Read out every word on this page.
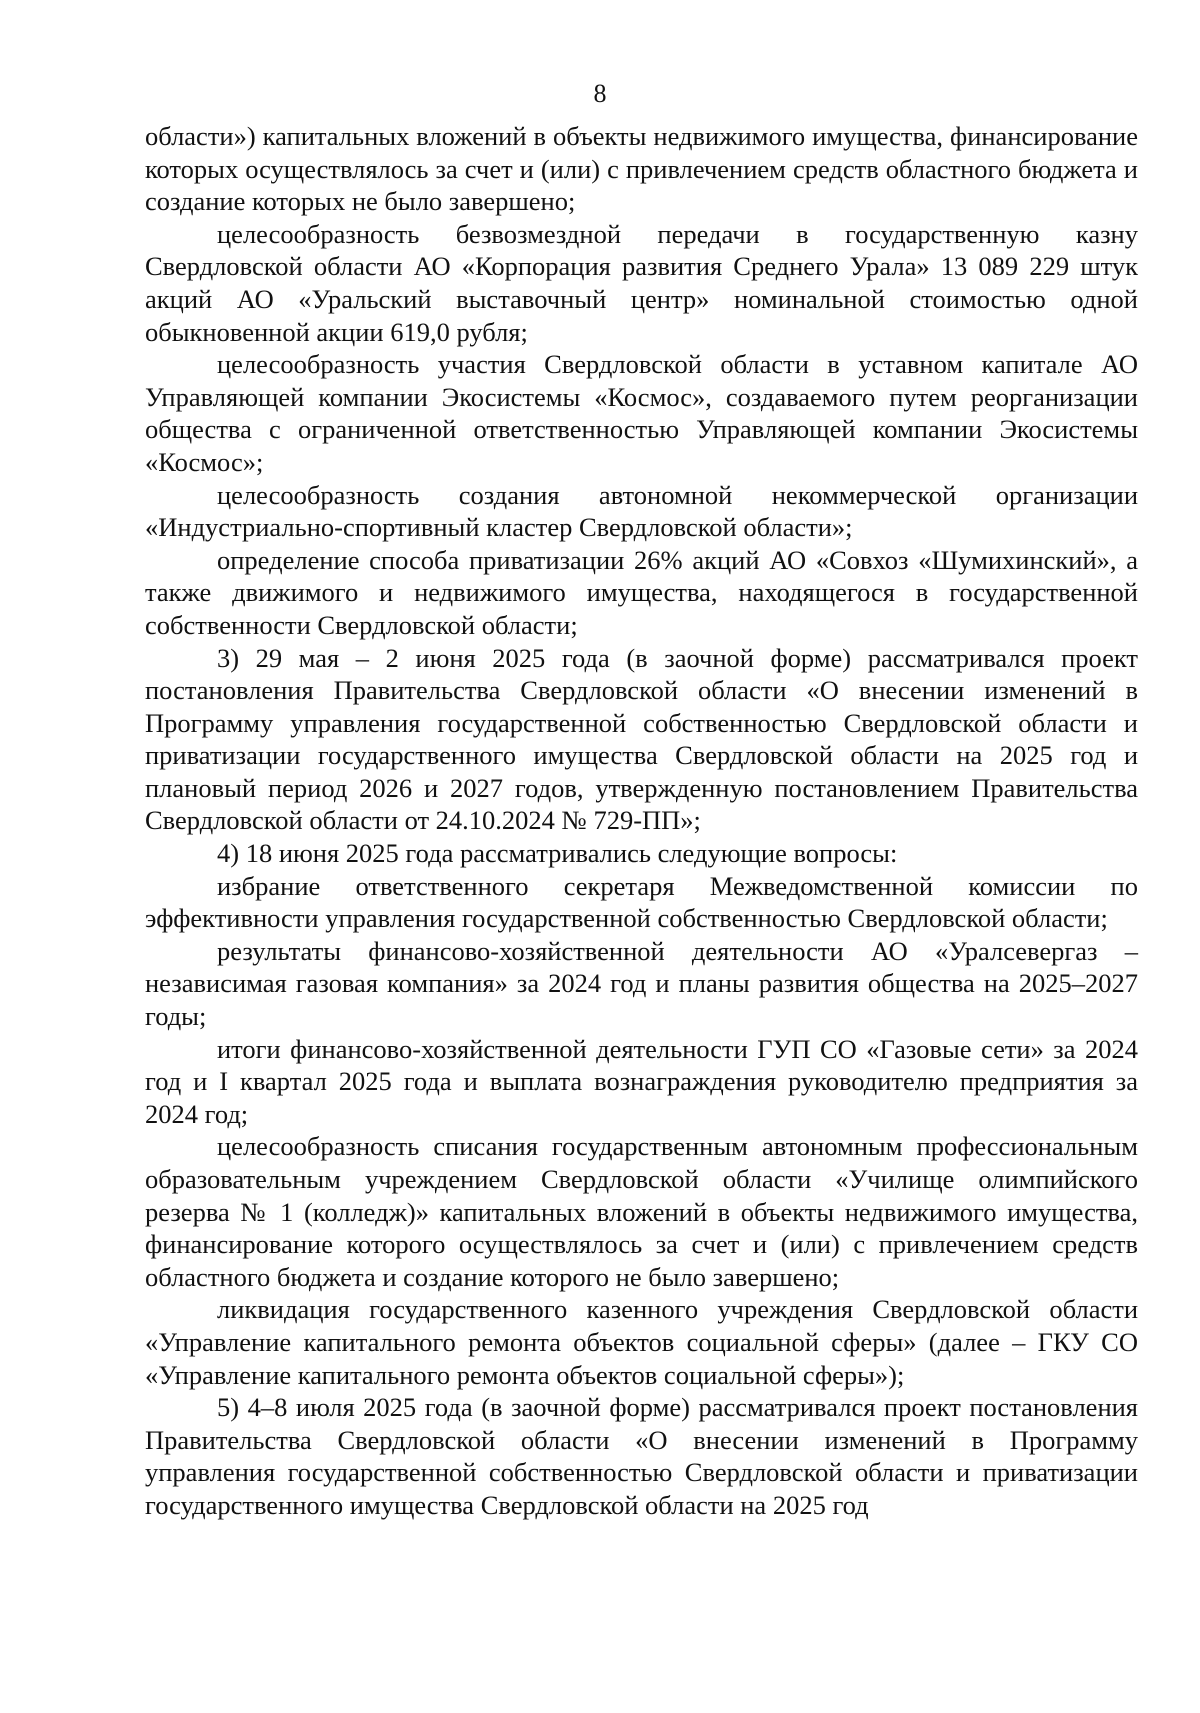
8

области») капитальных вложений в объекты недвижимого имущества, финансирование которых осуществлялось за счет и (или) с привлечением средств областного бюджета и создание которых не было завершено;

целесообразность безвозмездной передачи в государственную казну Свердловской области АО «Корпорация развития Среднего Урала» 13 089 229 штук акций АО «Уральский выставочный центр» номинальной стоимостью одной обыкновенной акции 619,0 рубля;

целесообразность участия Свердловской области в уставном капитале АО Управляющей компании Экосистемы «Космос», создаваемого путем реорганизации общества с ограниченной ответственностью Управляющей компании Экосистемы «Космос»;

целесообразность создания автономной некоммерческой организации «Индустриально-спортивный кластер Свердловской области»;

определение способа приватизации 26% акций АО «Совхоз «Шумихинский», а также движимого и недвижимого имущества, находящегося в государственной собственности Свердловской области;

3) 29 мая – 2 июня 2025 года (в заочной форме) рассматривался проект постановления Правительства Свердловской области «О внесении изменений в Программу управления государственной собственностью Свердловской области и приватизации государственного имущества Свердловской области на 2025 год и плановый период 2026 и 2027 годов, утвержденную постановлением Правительства Свердловской области от 24.10.2024 № 729-ПП»;

4) 18 июня 2025 года рассматривались следующие вопросы:

избрание ответственного секретаря Межведомственной комиссии по эффективности управления государственной собственностью Свердловской области;

результаты финансово-хозяйственной деятельности АО «Уралсевергаз – независимая газовая компания» за 2024 год и планы развития общества на 2025–2027 годы;

итоги финансово-хозяйственной деятельности ГУП СО «Газовые сети» за 2024 год и I квартал 2025 года и выплата вознаграждения руководителю предприятия за 2024 год;

целесообразность списания государственным автономным профессиональным образовательным учреждением Свердловской области «Училище олимпийского резерва № 1 (колледж)» капитальных вложений в объекты недвижимого имущества, финансирование которого осуществлялось за счет и (или) с привлечением средств областного бюджета и создание которого не было завершено;

ликвидация государственного казенного учреждения Свердловской области «Управление капитального ремонта объектов социальной сферы» (далее – ГКУ СО «Управление капитального ремонта объектов социальной сферы»);

5) 4–8 июля 2025 года (в заочной форме) рассматривался проект постановления Правительства Свердловской области «О внесении изменений в Программу управления государственной собственностью Свердловской области и приватизации государственного имущества Свердловской области на 2025 год
